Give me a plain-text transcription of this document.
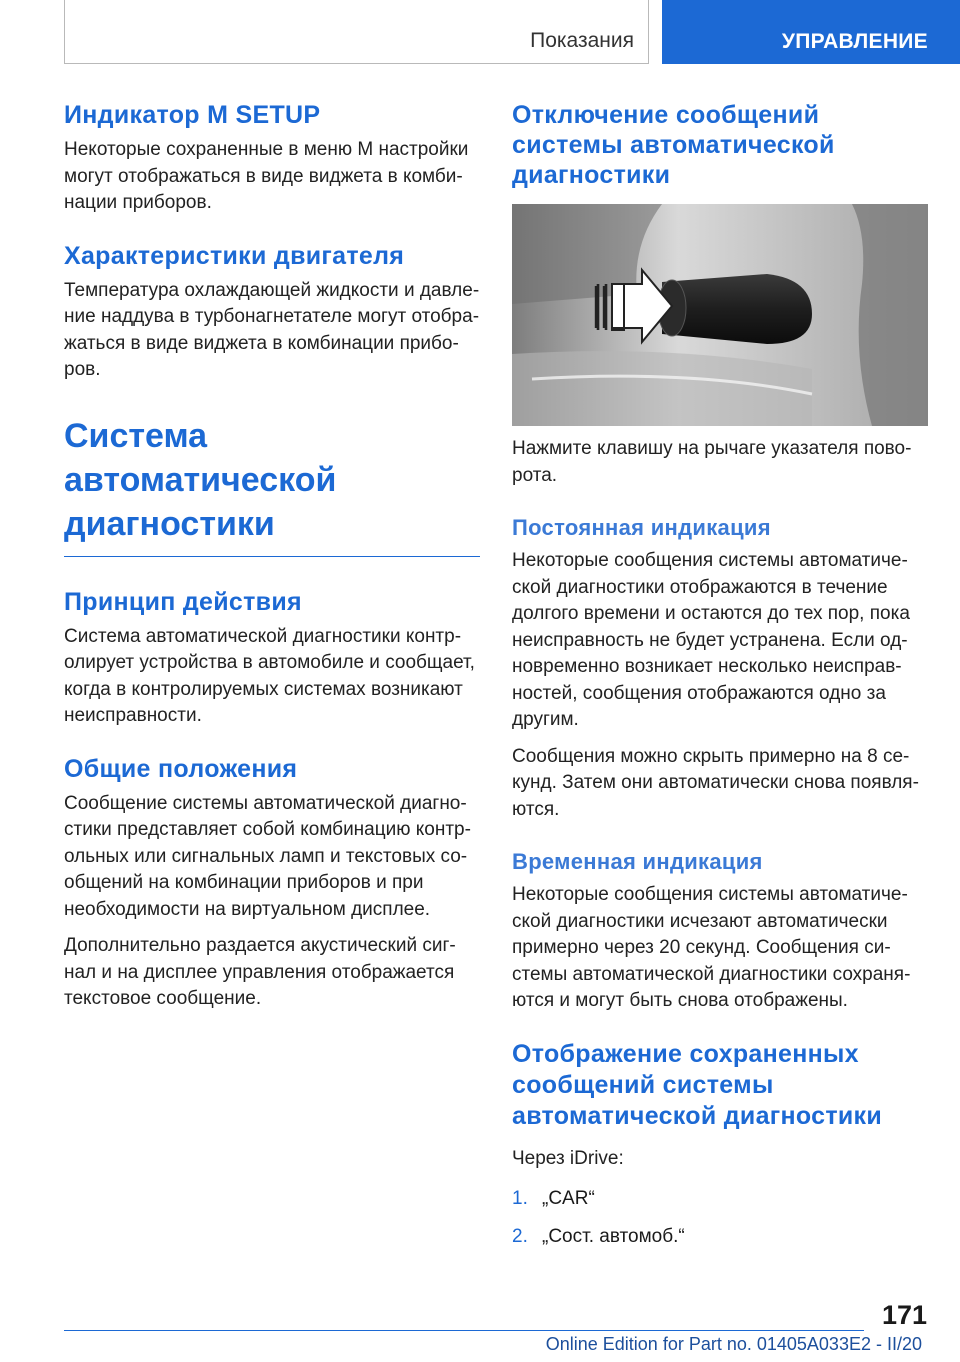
Показания	УПРАВЛЕНИЕ
Индикатор M SETUP

Некоторые сохраненные в меню M настройки могут отображаться в виде виджета в комбинации приборов.

Характеристики двигателя

Температура охлаждающей жидкости и давление наддува в турбонагнетателе могут отображаться в виде виджета в комбинации приборов.

Система автоматической диагностики
Принцип действия

Система автоматической диагностики контролирует устройства в автомобиле и сообщает, когда в контролируемых системах возникают неисправности.

Общие положения

Сообщение системы автоматической диагностики представляет собой комбинацию контрольных или сигнальных ламп и текстовых сообщений на комбинации приборов и при необходимости на виртуальном дисплее.

Дополнительно раздается акустический сигнал и на дисплее управления отображается текстовое сообщение.

Отключение сообщений системы автоматической диагностики

Нажмите клавишу на рычаге указателя поворота.

Постоянная индикация

Некоторые сообщения системы автоматической диагностики отображаются в течение долгого времени и остаются до тех пор, пока неисправность не будет устранена. Если одновременно возникает несколько неисправностей, сообщения отображаются одно за другим.

Сообщения можно скрыть примерно на 8 секунд. Затем они автоматически снова появляются.

Временная индикация

Некоторые сообщения системы автоматической диагностики исчезают автоматически примерно через 20 секунд. Сообщения системы автоматической диагностики сохраняются и могут быть снова отображены.

Отображение сохраненных сообщений системы автоматической диагностики

Через iDrive:

1. „CAR“
2. „Сост. автомоб.“
171
Online Edition for Part no. 01405A033E2 - II/20
